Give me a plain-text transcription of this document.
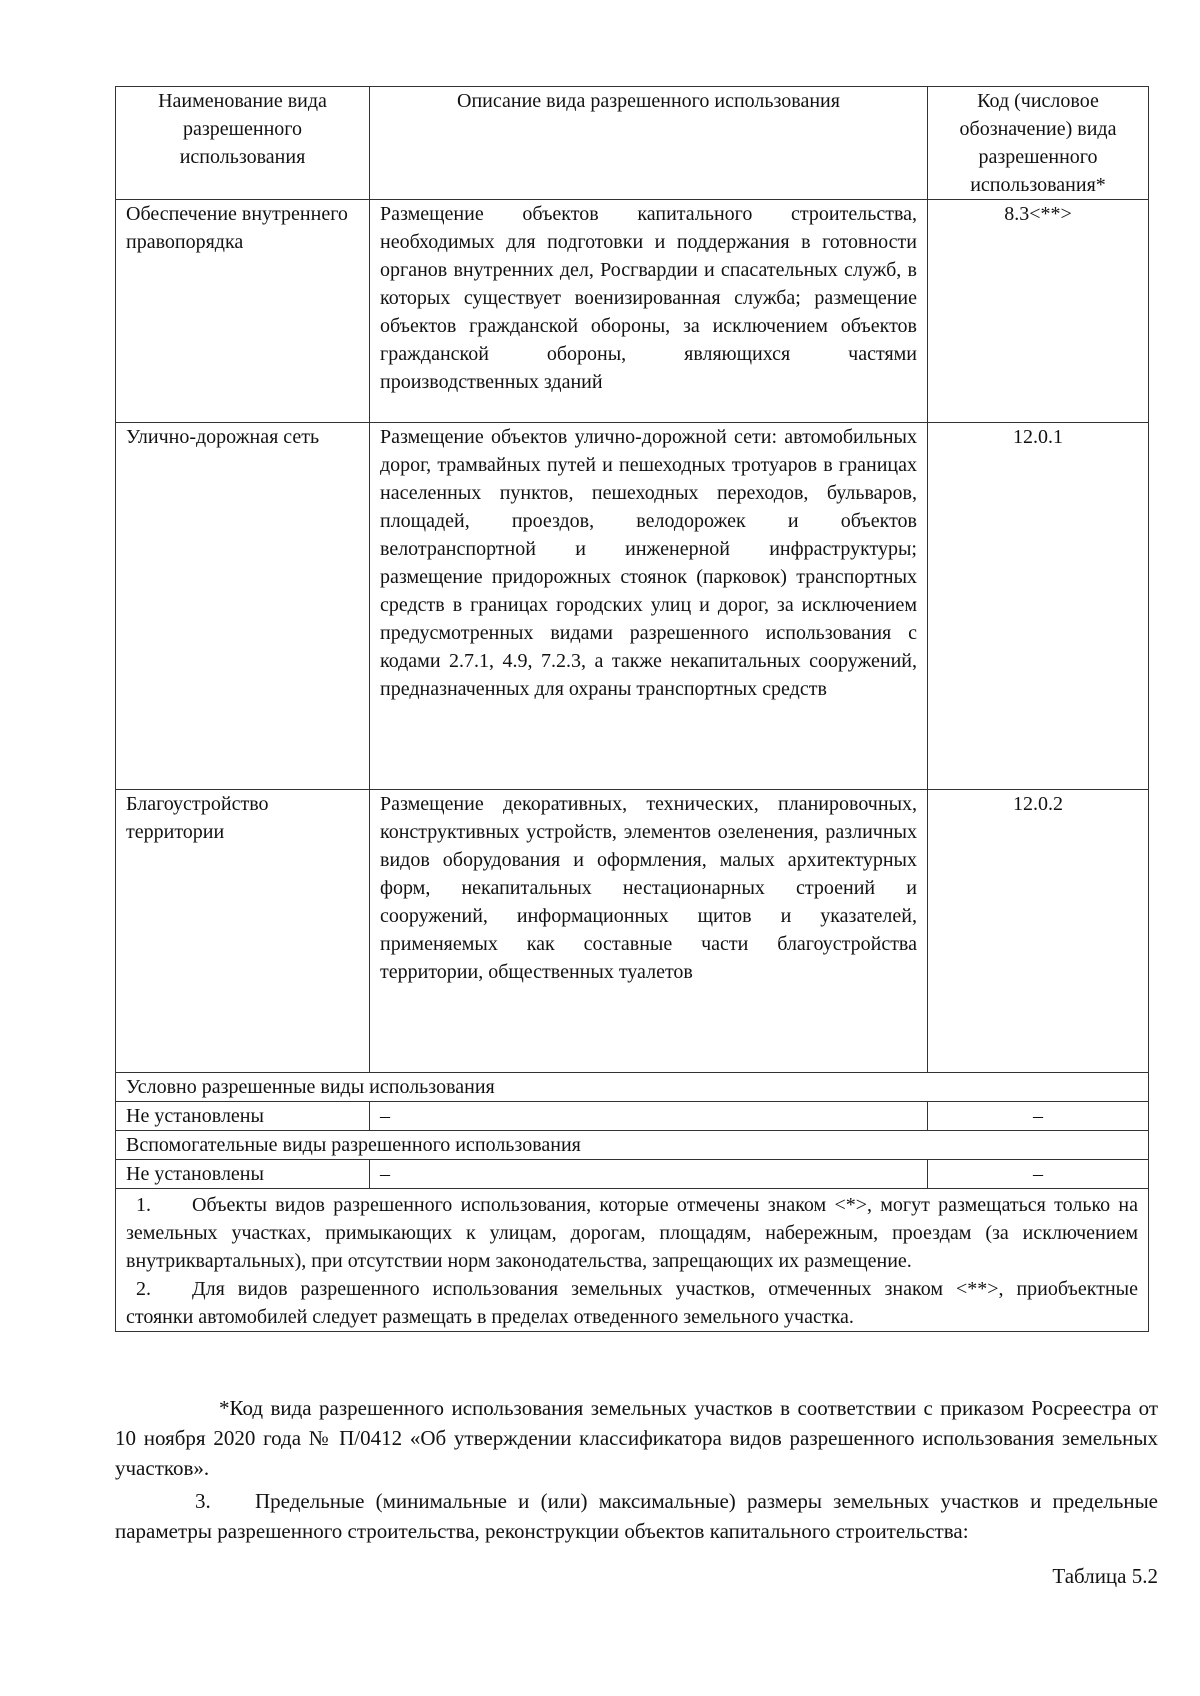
Наименование вида разрешенного использования	Описание вида разрешенного использования	Код (числовое обозначение) вида разрешенного использования*
Обеспечение внутреннего правопорядка	Размещение объектов капитального строительства, необходимых для подготовки и поддержания в готовности органов внутренних дел, Росгвардии и спасательных служб, в которых существует военизированная служба; размещение объектов гражданской обороны, за исключением объектов гражданской обороны, являющихся частями производственных зданий	8.3<**>
Улично-дорожная сеть	Размещение объектов улично-дорожной сети: автомобильных дорог, трамвайных путей и пешеходных тротуаров в границах населенных пунктов, пешеходных переходов, бульваров, площадей, проездов, велодорожек и объектов велотранспортной и инженерной инфраструктуры; размещение придорожных стоянок (парковок) транспортных средств в границах городских улиц и дорог, за исключением предусмотренных видами разрешенного использования с кодами 2.7.1, 4.9, 7.2.3, а также некапитальных сооружений, предназначенных для охраны транспортных средств	12.0.1
Благоустройство территории	Размещение декоративных, технических, планировочных, конструктивных устройств, элементов озеленения, различных видов оборудования и оформления, малых архитектурных форм, некапитальных нестационарных строений и сооружений, информационных щитов и указателей, применяемых как составные части благоустройства территории, общественных туалетов	12.0.2
Условно разрешенные виды использования		
Не установлены	–	–
Вспомогательные виды разрешенного использования		
Не установлены	–	–

1. Объекты видов разрешенного использования, которые отмечены знаком <*>, могут размещаться только на земельных участках, примыкающих к улицам, дорогам, площадям, набережным, проездам (за исключением внутриквартальных), при отсутствии норм законодательства, запрещающих их размещение.
2. Для видов разрешенного использования земельных участков, отмеченных знаком <**>, приобъектные стоянки автомобилей следует размещать в пределах отведенного земельного участка.		
*Код вида разрешенного использования земельных участков в соответствии с приказом Росреестра от 10 ноября 2020 года № П/0412 «Об утверждении классификатора видов разрешенного использования земельных участков».
3. Предельные (минимальные и (или) максимальные) размеры земельных участков и предельные параметры разрешенного строительства, реконструкции объектов капитального строительства:
Таблица 5.2
